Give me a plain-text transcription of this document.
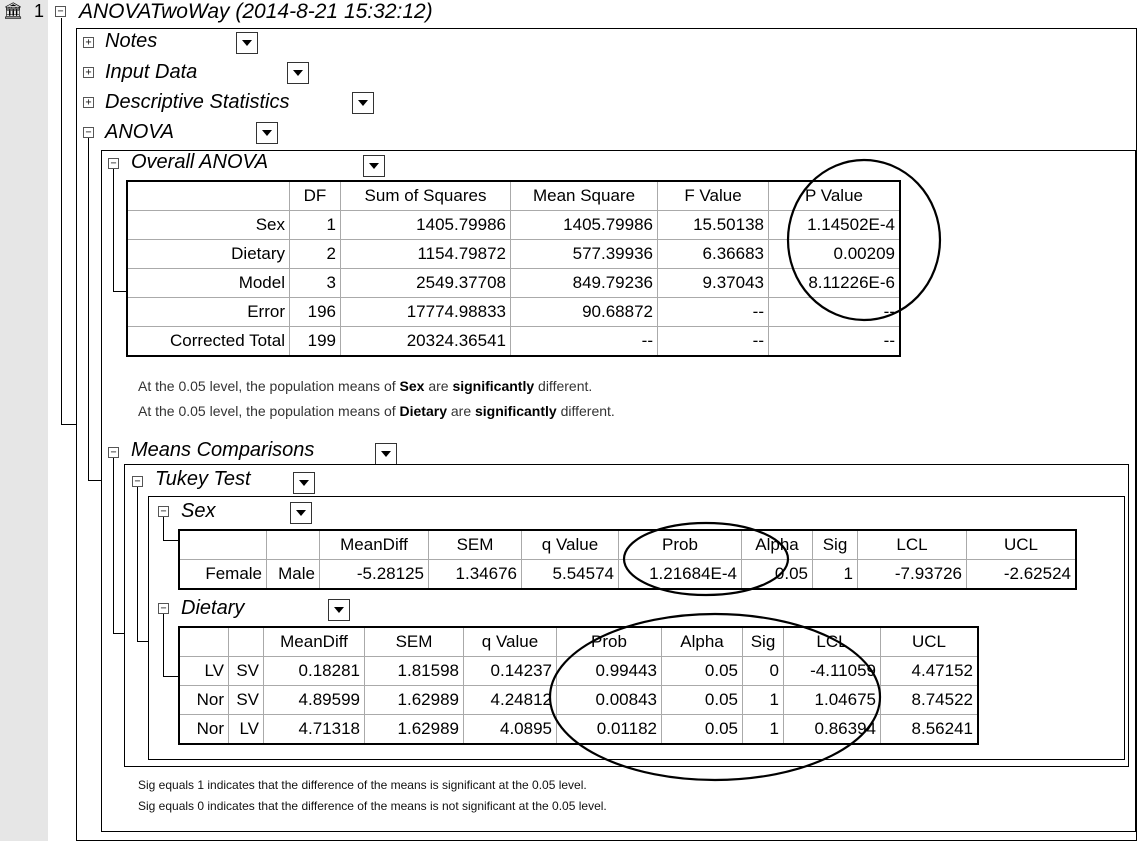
🏛 1 − ANOVATwoWay (2014-8-21 15:32:12)
+ Notes
+ Input Data
+ Descriptive Statistics
− ANOVA
− Overall ANOVA
	DF	Sum of Squares	Mean Square	F Value	P Value
Sex	1	1405.79986	1405.79986	15.50138	1.14502E-4
Dietary	2	1154.79872	577.39936	6.36683	0.00209
Model	3	2549.37708	849.79236	9.37043	8.11226E-6
Error	196	17774.98833	90.68872	--	--
Corrected Total	199	20324.36541	--	--	--
At the 0.05 level, the population means of Sex are significantly different.
At the 0.05 level, the population means of Dietary are significantly different.
− Means Comparisons
− Tukey Test
− Sex
		MeanDiff	SEM	q Value	Prob	Alpha	Sig	LCL	UCL
Female	Male	-5.28125	1.34676	5.54574	1.21684E-4	0.05	1	-7.93726	-2.62524
− Dietary
		MeanDiff	SEM	q Value	Prob	Alpha	Sig	LCL	UCL
LV	SV	0.18281	1.81598	0.14237	0.99443	0.05	0	-4.11059	4.47152
Nor	SV	4.89599	1.62989	4.24812	0.00843	0.05	1	1.04675	8.74522
Nor	LV	4.71318	1.62989	4.0895	0.01182	0.05	1	0.86394	8.56241
Sig equals 1 indicates that the difference of the means is significant at the 0.05 level.
Sig equals 0 indicates that the difference of the means is not significant at the 0.05 level.
